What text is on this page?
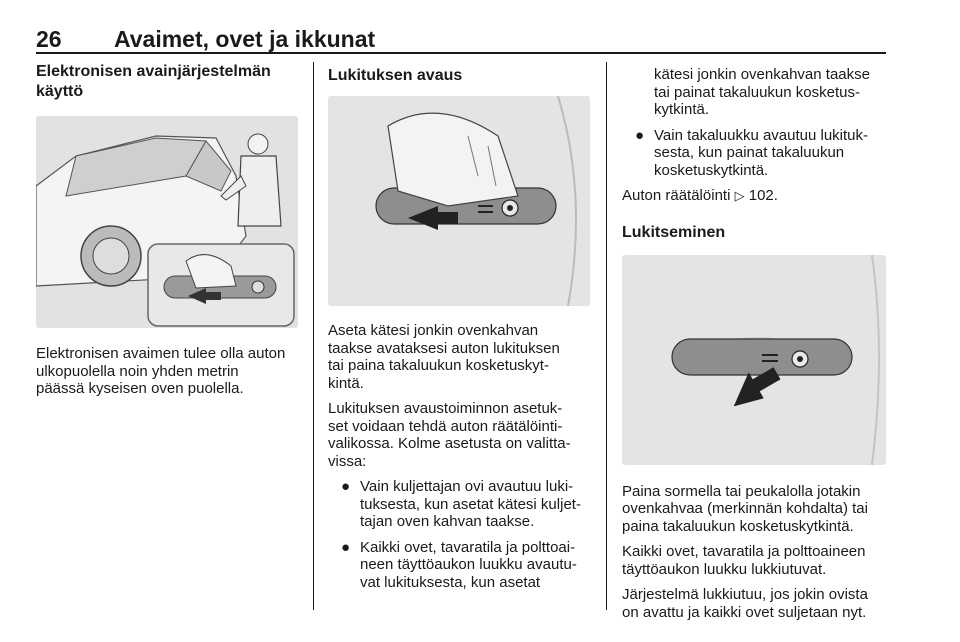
26 Avaimet, ovet ja ikkunat
Elektronisen avainjärjestelmän
käyttö

Elektronisen avaimen tulee olla auton
ulkopuolella noin yhden metrin
päässä kyseisen oven puolella.

Lukituksen avaus

Aseta kätesi jonkin ovenkahvan
taakse avataksesi auton lukituksen
tai paina takaluukun kosketuskyt-
kintä.

Lukituksen avaustoiminnon asetuk-
set voidaan tehdä auton räätälöinti-
valikossa. Kolme asetusta on valitta-
vissa:

● Vain kuljettajan ovi avautuu luki-
tuksesta, kun asetat kätesi kuljet-
tajan oven kahvan taakse.
● Kaikki ovet, tavaratila ja polttoai-
neen täyttöaukon luukku avautu-
vat lukituksesta, kun asetat
kätesi jonkin ovenkahvan taakse
tai painat takaluukun kosketus-
kytkintä.
● Vain takaluukku avautuu lukituk-
sesta, kun painat takaluukun
kosketuskytkintä.

Auton räätälöinti ▷ 102.

Lukitseminen

Paina sormella tai peukalolla jotakin
ovenkahvaa (merkinnän kohdalta) tai
paina takaluukun kosketuskytkintä.

Kaikki ovet, tavaratila ja polttoaineen
täyttöaukon luukku lukkiutuvat.

Järjestelmä lukkiutuu, jos jokin ovista
on avattu ja kaikki ovet suljetaan nyt.
